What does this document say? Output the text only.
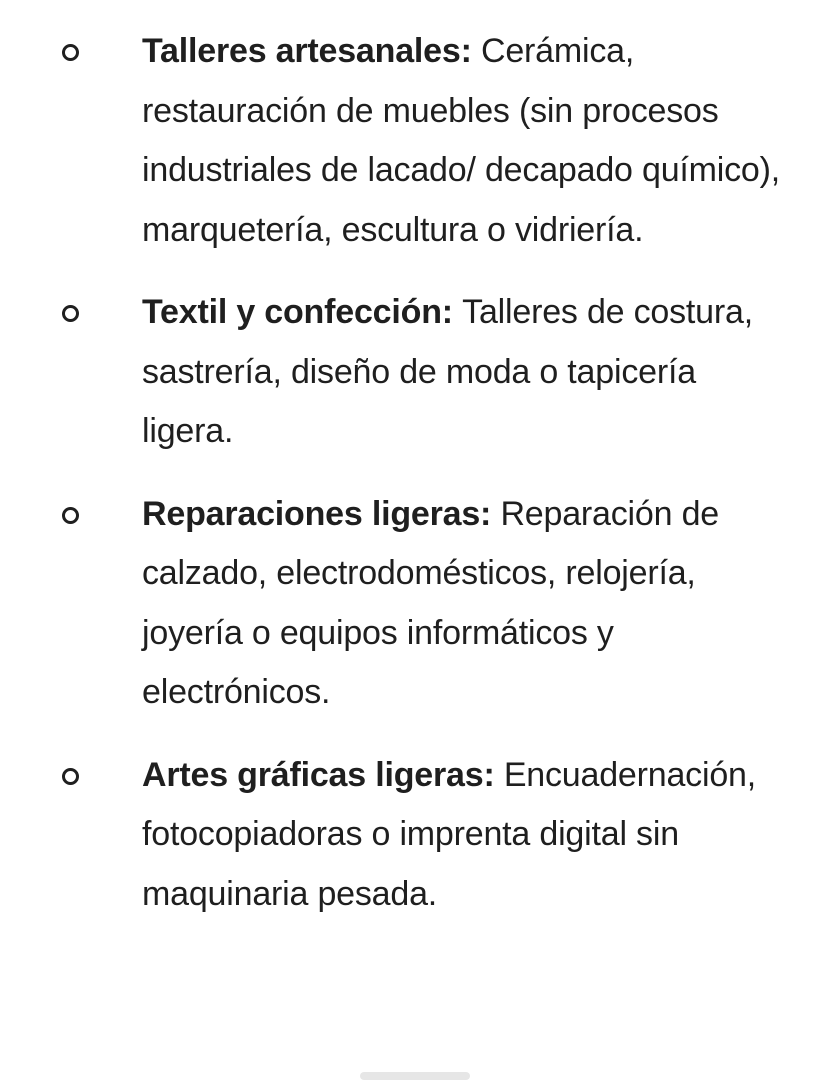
Talleres artesanales: Cerámica, restauración de muebles (sin procesos industriales de lacado/ decapado químico), marquetería, escultura o vidriería.
Textil y confección: Talleres de costura, sastrería, diseño de moda o tapicería ligera.
Reparaciones ligeras: Reparación de calzado, electrodomésticos, relojería, joyería o equipos informáticos y electrónicos.
Artes gráficas ligeras: Encuadernación, fotocopiadoras o imprenta digital sin maquinaria pesada.
